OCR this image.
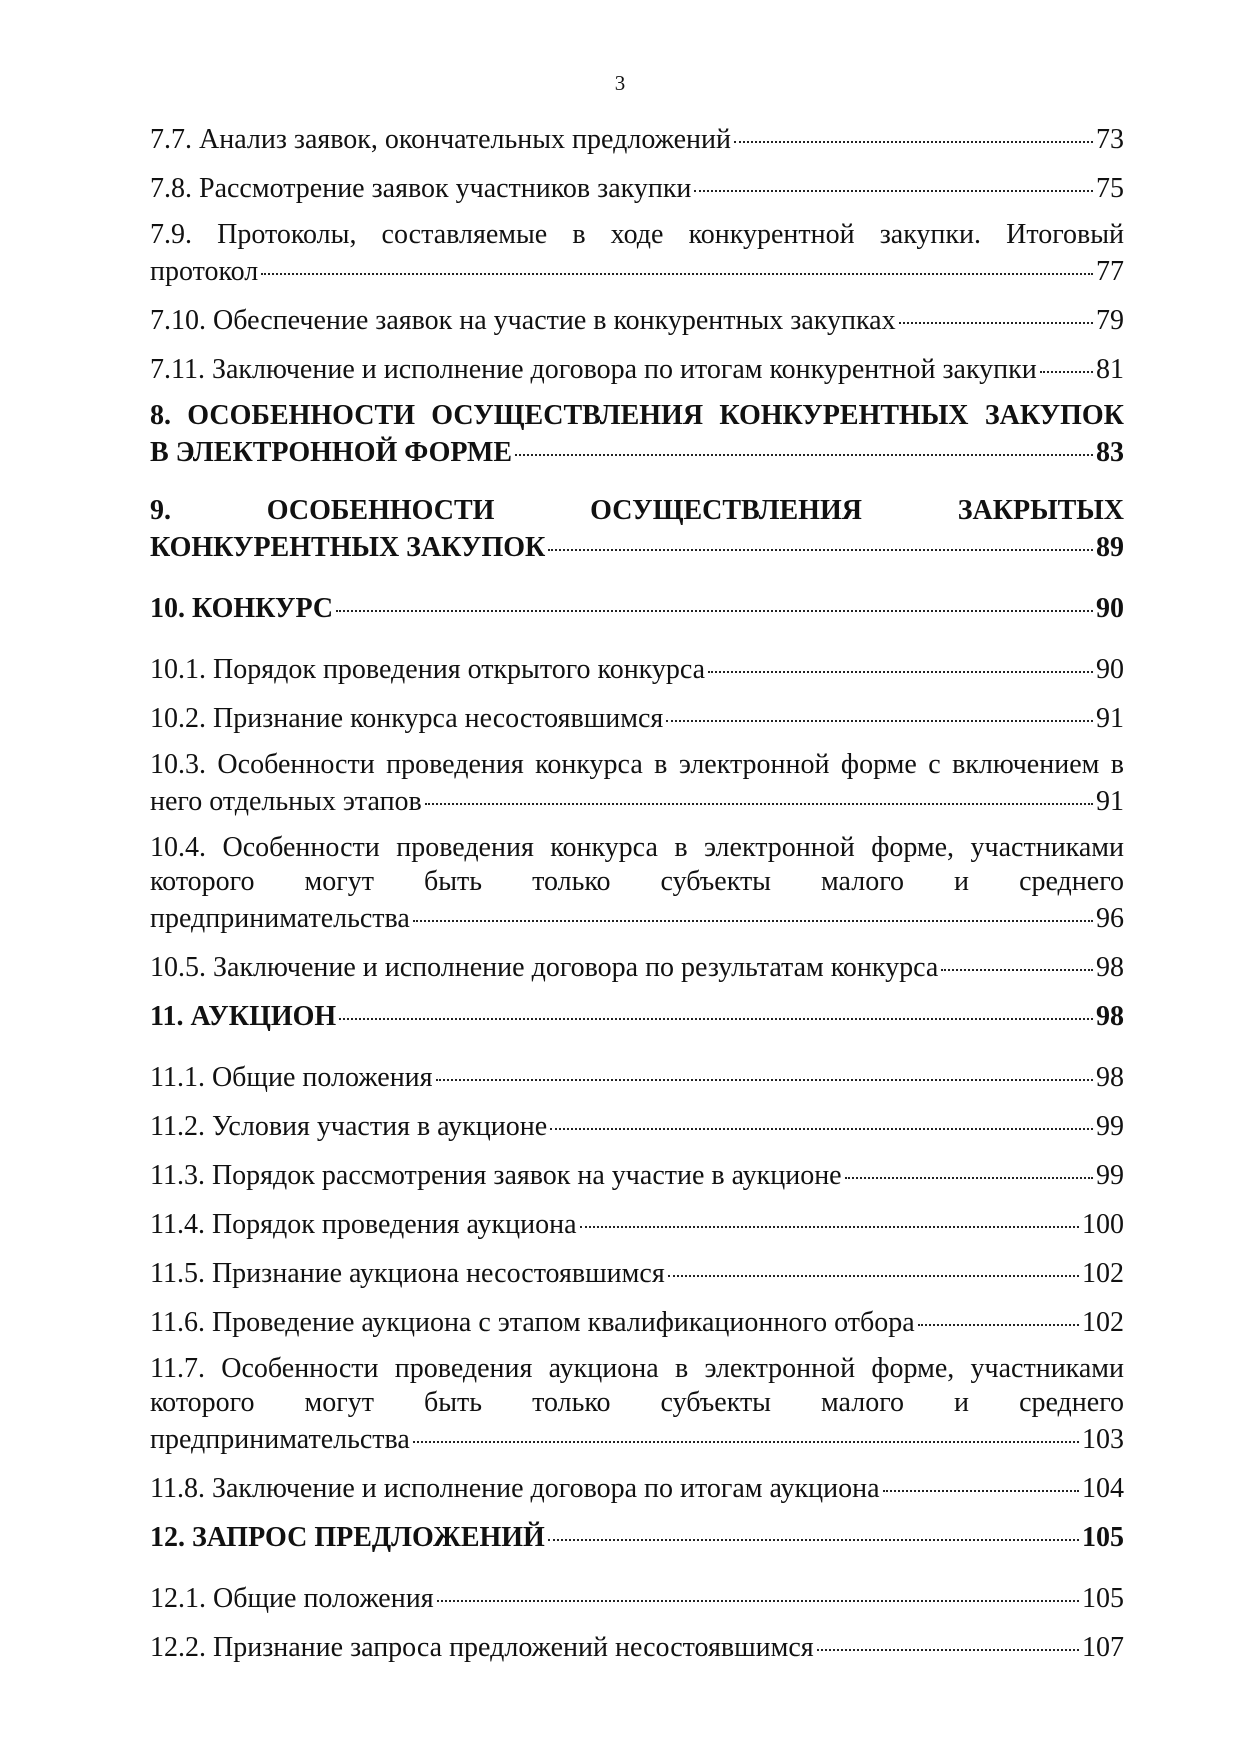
3
7.7. Анализ заявок, окончательных предложений	73
7.8. Рассмотрение заявок участников закупки	75
7.9. Протоколы, составляемые в ходе конкурентной закупки. Итоговый
протокол	77
7.10. Обеспечение заявок на участие в конкурентных закупках	79
7.11. Заключение и исполнение договора по итогам конкурентной закупки 81
8. ОСОБЕННОСТИ ОСУЩЕСТВЛЕНИЯ КОНКУРЕНТНЫХ ЗАКУПОК
В ЭЛЕКТРОННОЙ ФОРМЕ	83
9. ОСОБЕННОСТИ ОСУЩЕСТВЛЕНИЯ ЗАКРЫТЫХ
КОНКУРЕНТНЫХ ЗАКУПОК	89
10. КОНКУРС	90
10.1. Порядок проведения открытого конкурса	90
10.2. Признание конкурса несостоявшимся	91
10.3. Особенности проведения конкурса в электронной форме с включением в
него отдельных этапов	91
10.4. Особенности проведения конкурса в электронной форме, участниками
которого могут быть только субъекты малого и среднего
предпринимательства	96
10.5. Заключение и исполнение договора по результатам конкурса	98
11. АУКЦИОН	98
11.1. Общие положения	98
11.2. Условия участия в аукционе	99
11.3. Порядок рассмотрения заявок на участие в аукционе	99
11.4. Порядок проведения аукциона	100
11.5. Признание аукциона несостоявшимся	102
11.6. Проведение аукциона с этапом квалификационного отбора	102
11.7. Особенности проведения аукциона в электронной форме, участниками
которого могут быть только субъекты малого и среднего
предпринимательства	103
11.8. Заключение и исполнение договора по итогам аукциона	104
12. ЗАПРОС ПРЕДЛОЖЕНИЙ	105
12.1. Общие положения	105
12.2. Признание запроса предложений несостоявшимся	107
